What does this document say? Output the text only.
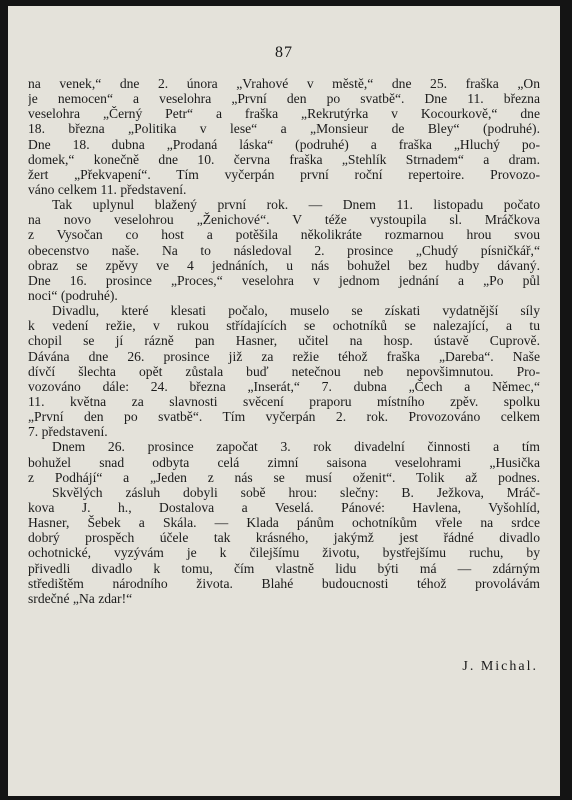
87
na venek,“ dne 2. února „Vrahové v městě,“ dne 25. fraška „On
je nemocen“ a veselohra „První den po svatbě“. Dne 11. března
veselohra „Černý Petr“ a fraška „Rekrutýrka v Kocourkově,“ dne
18. března „Politika v lese“ a „Monsieur de Bley“ (podruhé).
Dne 18. dubna „Prodaná láska“ (podruhé) a fraška „Hluchý po-
domek,“ konečně dne 10. června fraška „Stehlík Strnadem“ a dram.
žert „Překvapení“. Tím vyčerpán první roční repertoire. Provozo-
váno celkem 11. představení.
Tak uplynul blažený první rok. — Dnem 11. listopadu počato
na novo veselohrou „Ženichové“. V téže vystoupila sl. Mráčkova
z Vysočan co host a potěšila několikráte rozmarnou hrou svou
obecenstvo naše. Na to následoval 2. prosince „Chudý písničkář,“
obraz se zpěvy ve 4 jednáních, u nás bohužel bez hudby dávaný.
Dne 16. prosince „Proces,“ veselohra v jednom jednání a „Po půl
noci“ (podruhé).
Divadlu, které klesati počalo, muselo se získati vydatnější síly
k vedení režie, v rukou střídajících se ochotníků se nalezající, a tu
chopil se jí rázně pan Hasner, učitel na hosp. ústavě Cuprově.
Dávána dne 26. prosince již za režie téhož fraška „Dareba“. Naše
dívčí šlechta opět zůstala buď netečnou neb nepovšimnutou. Pro-
vozováno dále: 24. března „Inserát,“ 7. dubna „Čech a Němec,“
11. května za slavnosti svěcení praporu místního zpěv. spolku
„První den po svatbě“. Tím vyčerpán 2. rok. Provozováno celkem
7. představení.
Dnem 26. prosince započat 3. rok divadelní činnosti a tím
bohužel snad odbyta celá zimní saisona veselohrami „Husička
z Podhájí“ a „Jeden z nás se musí oženit“. Tolik až podnes.
Skvělých zásluh dobyli sobě hrou: slečny: B. Ježkova, Mráč-
kova J. h., Dostalova a Veselá. Pánové: Havlena, Vyšohlíd,
Hasner, Šebek a Skála. — Klada pánům ochotníkům vřele na srdce
dobrý prospěch účele tak krásného, jakýmž jest řádné divadlo
ochotnické, vyzývám je k čilejšímu životu, bystřejšímu ruchu, by
přivedli divadlo k tomu, čím vlastně lidu býti má — zdárným
středištěm národního života. Blahé budoucnosti téhož provolávám
srdečné „Na zdar!“
J. Michal.
